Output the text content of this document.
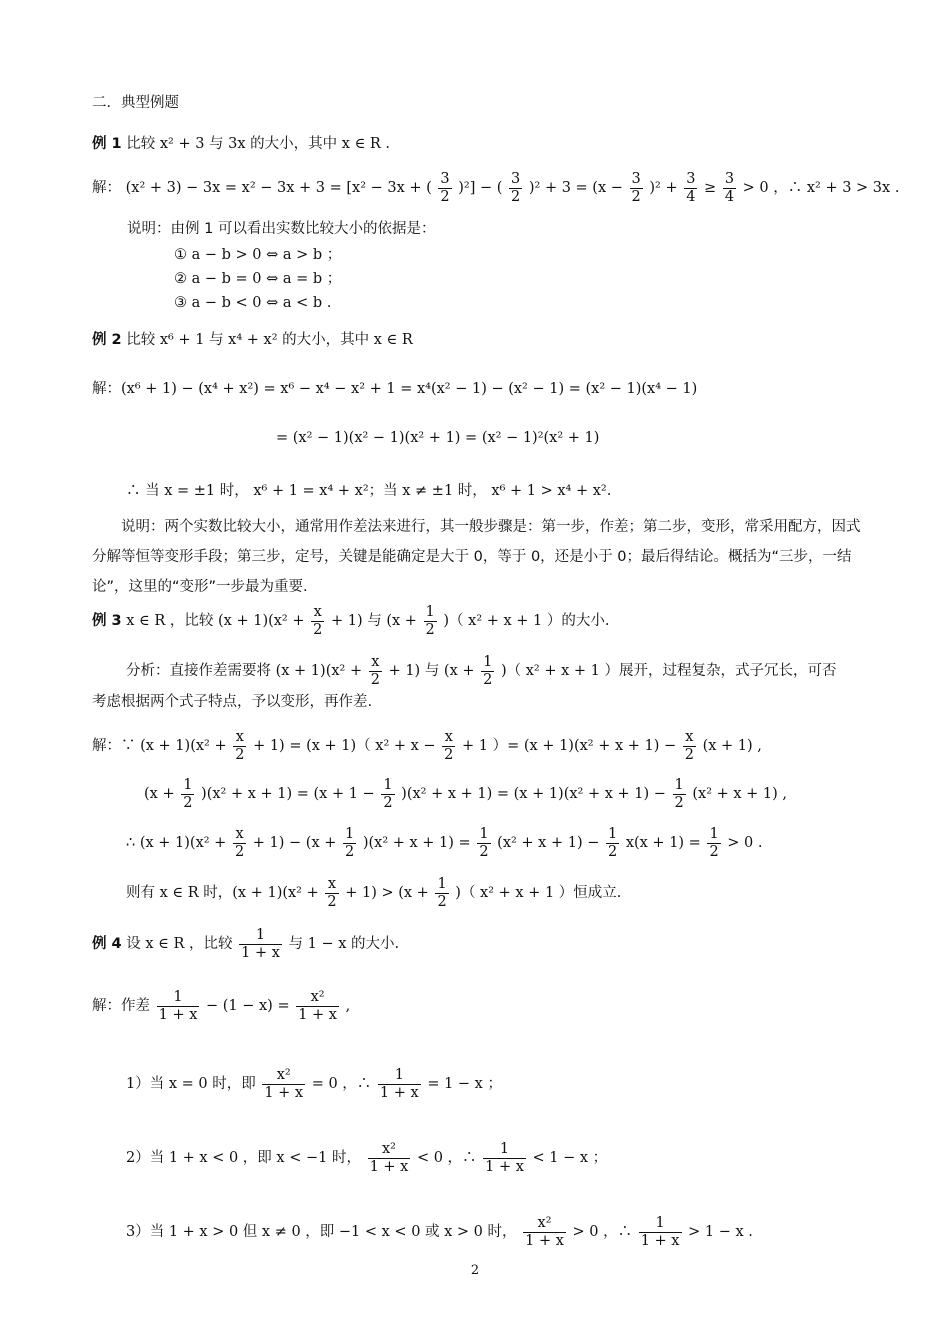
二．典型例题
例 1 比较 x² + 3 与 3x 的大小，其中 x ∈ R .
解： (x² + 3) − 3x = x² − 3x + 3 = [x² − 3x + ( $\frac{3}{2} )^2$] − ( $\frac{3}{2} )^2 + 3 = (x - \frac{3}{2} )^2 + \frac{3}{4} \ge \frac{3}{4} > 0$ ，∴ x² + 3 > 3x .
说明：由例 1 可以看出实数比较大小的依据是：
① a − b > 0 ⇔ a > b ；
② a − b = 0 ⇔ a = b ；
③ a − b < 0 ⇔ a < b .
例 2 比较 x⁶ + 1 与 x⁴ + x² 的大小，其中 x ∈ R
解：(x⁶ + 1) − (x⁴ + x²) = x⁶ − x⁴ − x² + 1 = x⁴(x² − 1) − (x² − 1) = (x² − 1)(x⁴ − 1)
= (x² − 1)(x² − 1)(x² + 1) = (x² − 1)²(x² + 1)
∴ 当 x = ±1 时， x⁶ + 1 = x⁴ + x²；当 x ≠ ±1 时， x⁶ + 1 > x⁴ + x².

说明：两个实数比较大小，通常用作差法来进行，其一般步骤是：第一步，作差；第二步，变形，常采用配方，因式分解等恒等变形手段；第三步，定号，关键是能确定是大于 0，等于 0，还是小于 0；最后得结论。概括为“三步，一结论”，这里的“变形”一步最为重要.

例 3 x ∈ R ，比较 $(x + 1)(x^2 + \frac{x}{2} + 1)$ 与 ($x + \frac{1}{2}$ )（ x² + x + 1 ）的大小.
分析：直接作差需要将 $(x + 1)(x^2 + \frac{x}{2} + 1)$ 与 ($x + \frac{1}{2}$ )（ x² + x + 1 ）展开，过程复杂，式子冗长，可否
考虑根据两个式子特点，予以变形，再作差.
解：∵ $(x + 1)(x^2 + \frac{x}{2} + 1) = (x + 1)$（ $x^2 + x - \frac{x}{2} + 1$ ）= $(x + 1)(x^2 + x + 1) - \frac{x}{2} (x + 1)$ ,
$(x + \frac{1}{2} )(x^2 + x + 1) = (x + 1 - \frac{1}{2} )(x^2 + x + 1) = (x + 1)(x^2 + x + 1) - \frac{1}{2} (x^2 + x + 1)$ ,
∴ $(x + 1)(x^2 + \frac{x}{2} + 1) - (x + \frac{1}{2} )(x^2 + x + 1) = \frac{1}{2} (x^2 + x + 1) - \frac{1}{2} x(x + 1) = \frac{1}{2} > 0$ .
则有 x ∈ R 时，$(x + 1)(x^2 + \frac{x}{2} + 1) > (x + \frac{1}{2}$ )（ x² + x + 1 ）恒成立.
例 4 设 x ∈ R ，比较 $\frac{1}{1 + x}$ 与 1 − x 的大小.
解：作差 $\frac{1}{1 + x} - (1 - x) = \frac{\text{x²}}{1 + x}$ ,
1）当 x = 0 时，即 $\frac{\text{x²}}{1 + x} = 0$ ，∴ $\frac{1}{1 + x} = 1 - x$ ；
2）当 1 + x < 0 ，即 x < −1 时， $\frac{\text{x²}}{1 + x} < 0$ ，∴ $\frac{1}{1 + x} < 1 - x$ ；
3）当 1 + x > 0 但 x ≠ 0 ，即 −1 < x < 0 或 x > 0 时， $\frac{\text{x²}}{1 + x} > 0$ ，∴ $\frac{1}{1 + x} > 1 - x$ .
2
